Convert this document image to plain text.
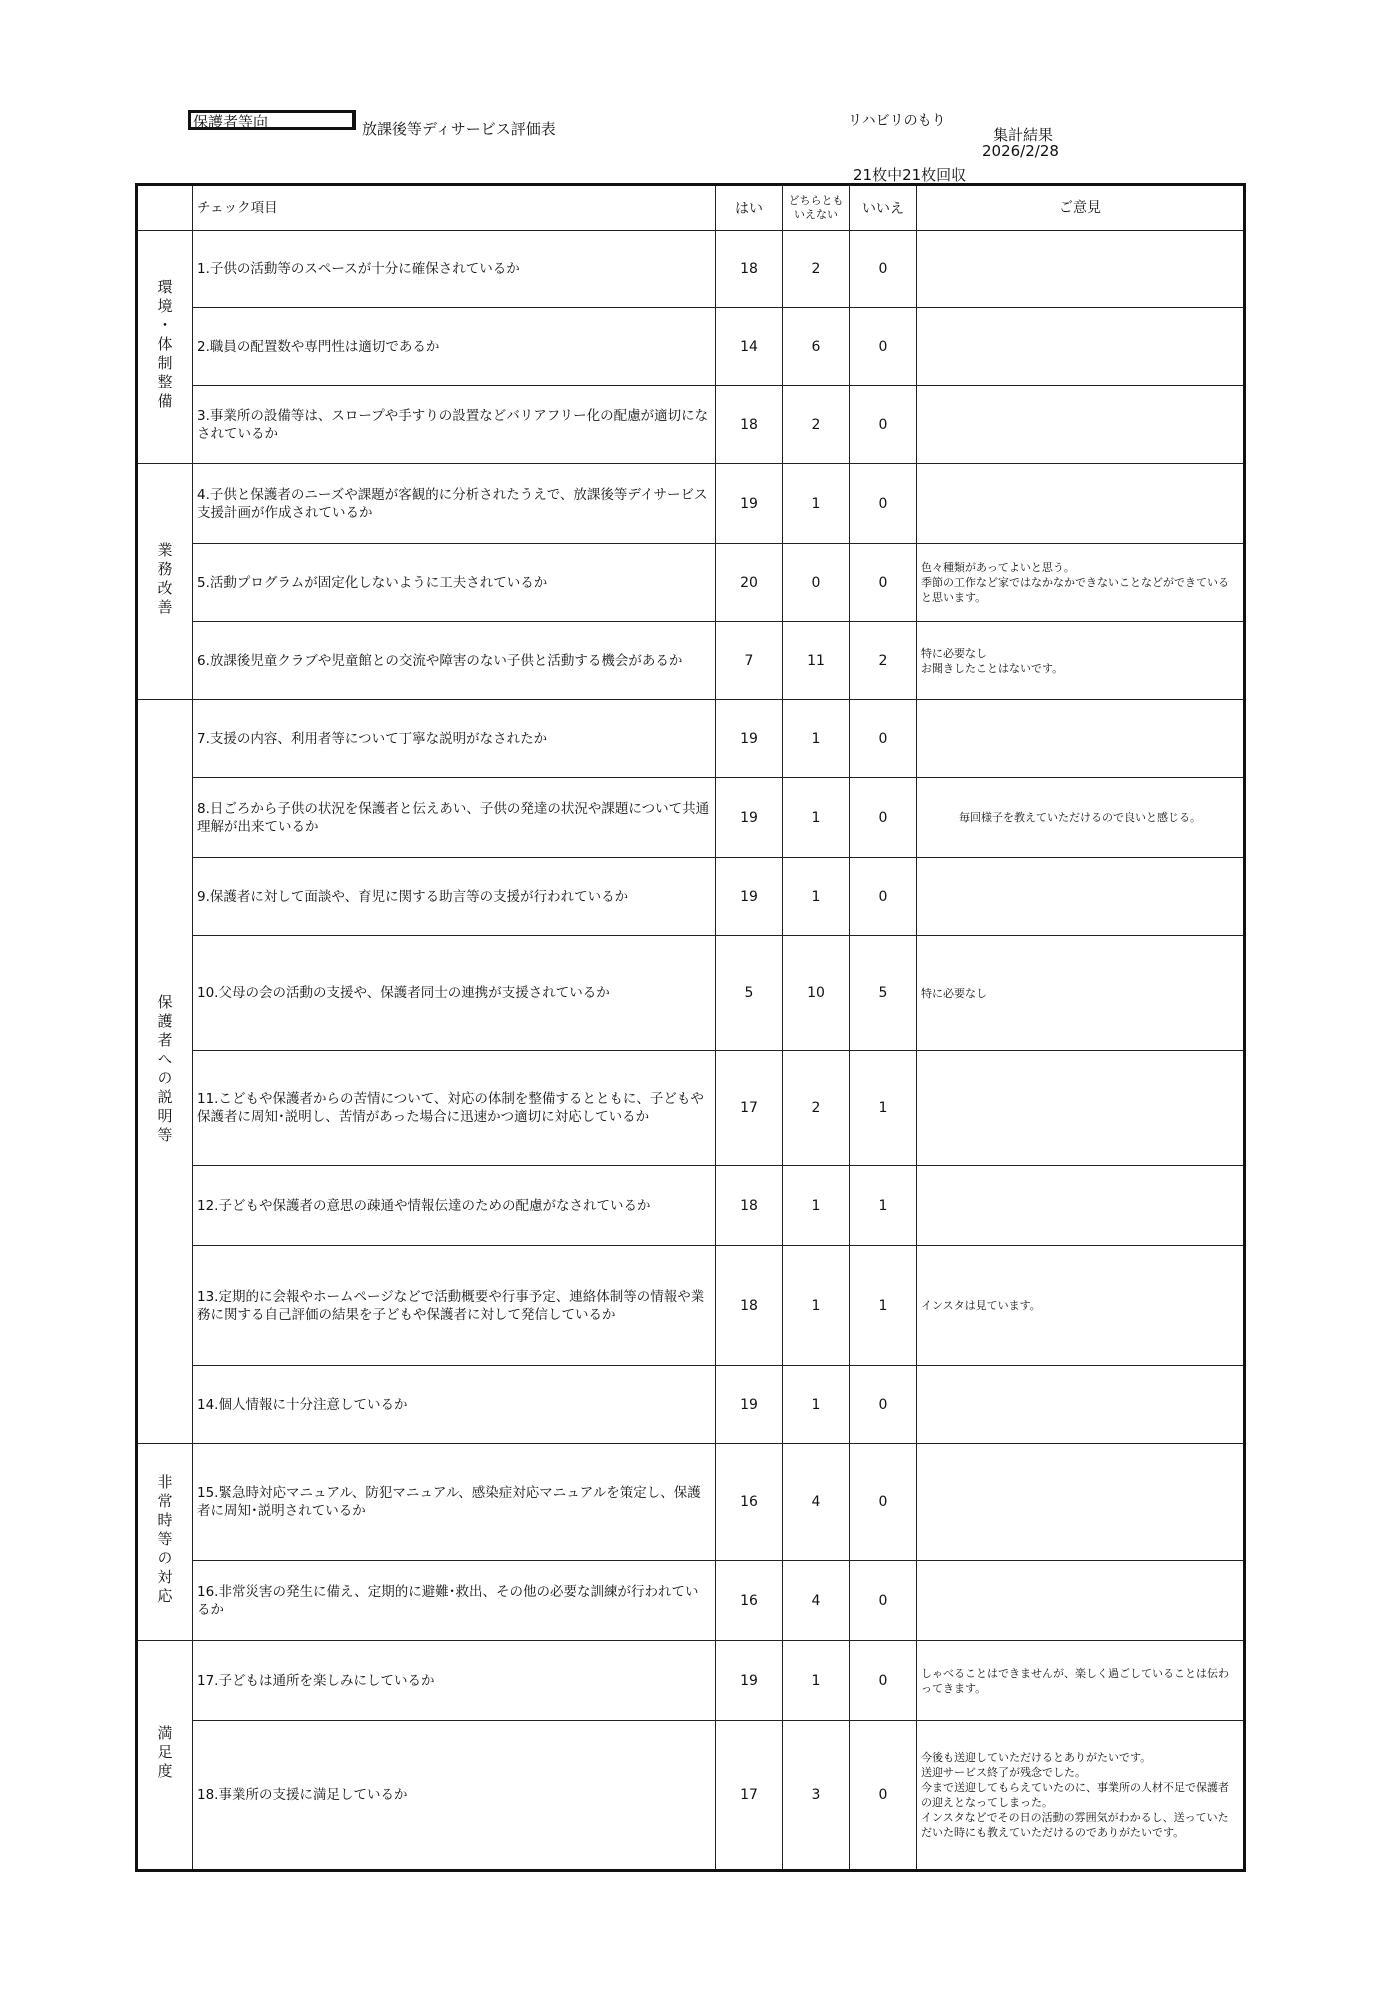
保護者等向	放課後等ディサービス評価表	リハビリのもり
集計結果
2026/2/28
21枚中21枚回収
	チェック項目	はい	どちらとも
いえない	いいえ	ご意見
環境・体制整備	1.子供の活動等のスペースが十分に確保されているか	18	2	0	
	2.職員の配置数や専門性は適切であるか	14	6	0	
	3.事業所の設備等は、スロープや手すりの設置などバリアフリー化の配慮が適切になされているか	18	2	0	
業務改善	4.子供と保護者のニーズや課題が客観的に分析されたうえで、放課後等デイサービス支援計画が作成されているか	19	1	0	
	5.活動プログラムが固定化しないように工夫されているか	20	0	0	色々種類があってよいと思う。
季節の工作など家ではなかなかできないことなどができていると思います。
	6.放課後児童クラブや児童館との交流や障害のない子供と活動する機会があるか	7	11	2	特に必要なし
お聞きしたことはないです。
保護者への説明等	7.支援の内容、利用者等について丁寧な説明がなされたか	19	1	0	
	8.日ごろから子供の状況を保護者と伝えあい、子供の発達の状況や課題について共通理解が出来ているか	19	1	0	毎回様子を教えていただけるので良いと感じる。
	9.保護者に対して面談や、育児に関する助言等の支援が行われているか	19	1	0	
	10.父母の会の活動の支援や、保護者同士の連携が支援されているか	5	10	5	特に必要なし
	11.こどもや保護者からの苦情について、対応の体制を整備するとともに、子どもや保護者に周知･説明し、苦情があった場合に迅速かつ適切に対応しているか	17	2	1	
	12.子どもや保護者の意思の疎通や情報伝達のための配慮がなされているか	18	1	1	
	13.定期的に会報やホームページなどで活動概要や行事予定、連絡体制等の情報や業務に関する自己評価の結果を子どもや保護者に対して発信しているか	18	1	1	インスタは見ています。
	14.個人情報に十分注意しているか	19	1	0	
非常時等の対応	15.緊急時対応マニュアル、防犯マニュアル、感染症対応マニュアルを策定し、保護者に周知･説明されているか	16	4	0	
	16.非常災害の発生に備え、定期的に避難･救出、その他の必要な訓練が行われているか	16	4	0	
満足度	17.子どもは通所を楽しみにしているか	19	1	0	しゃべることはできませんが、楽しく過ごしていることは伝わってきます。
	18.事業所の支援に満足しているか	17	3	0	今後も送迎していただけるとありがたいです。
送迎サービス終了が残念でした。
今まで送迎してもらえていたのに、事業所の人材不足で保護者の迎えとなってしまった。
インスタなどでその日の活動の雰囲気がわかるし、送っていただいた時にも教えていただけるのでありがたいです。
